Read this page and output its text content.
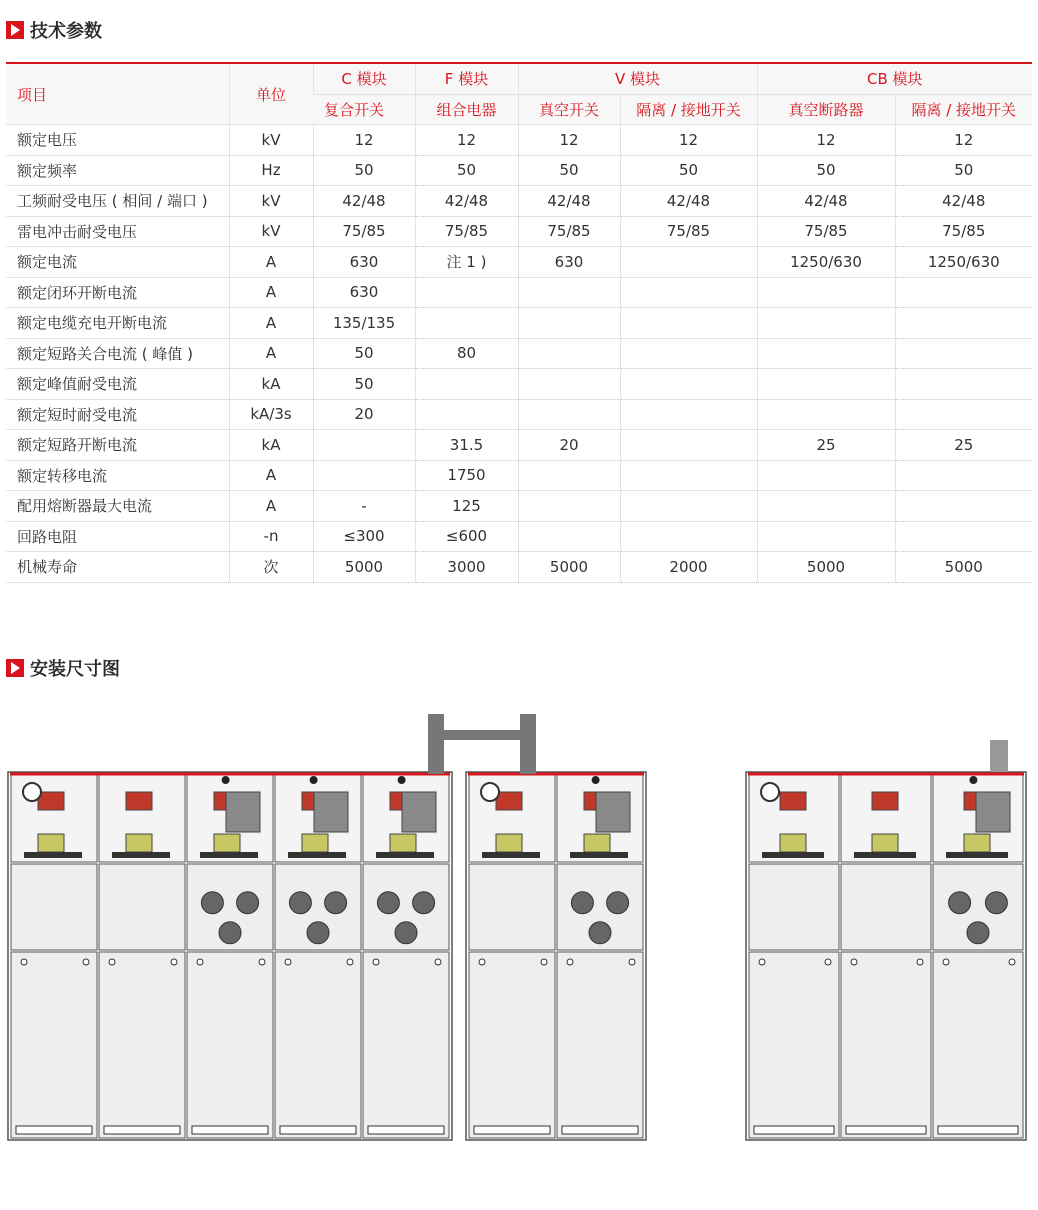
技术参数
项目	单位	C 模块	F 模块	V 模块		CB 模块	
		复合开关	组合电器	真空开关	隔离 / 接地开关	真空断路器	隔离 / 接地开关
额定电压	kV	12	12	12	12	12	12
额定频率	Hz	50	50	50	50	50	50
工频耐受电压 ( 相间 / 端口 )	kV	42/48	42/48	42/48	42/48	42/48	42/48
雷电冲击耐受电压	kV	75/85	75/85	75/85	75/85	75/85	75/85
额定电流	A	630	注 1 )	630		1250/630	1250/630
额定闭环开断电流	A	630					
额定电缆充电开断电流	A	135/135					
额定短路关合电流 ( 峰值 )	A	50	80				
额定峰值耐受电流	kA	50					
额定短时耐受电流	kA/3s	20					
额定短路开断电流	kA		31.5	20		25	25
额定转移电流	A		1750				
配用熔断器最大电流	A	-	125				
回路电阻	-n	≤300	≤600				
机械寿命	次	5000	3000	5000	2000	5000	5000
安装尺寸图
